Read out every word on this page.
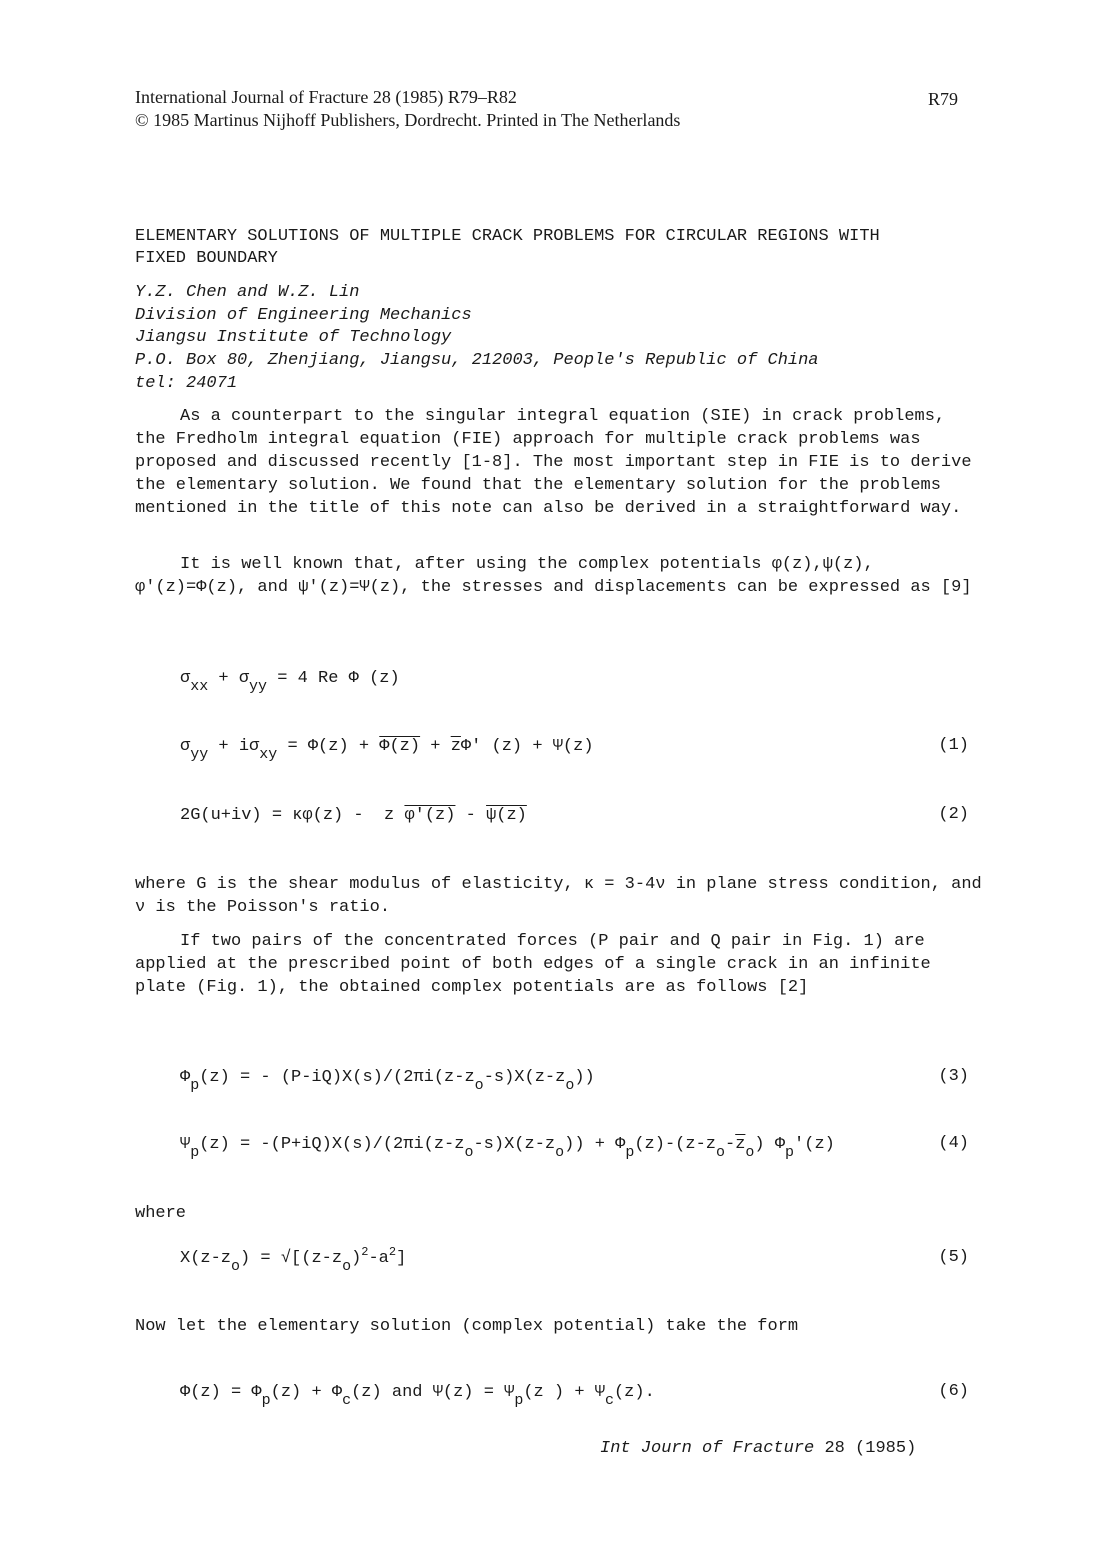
International Journal of Fracture 28 (1985) R79–R82
© 1985 Martinus Nijhoff Publishers, Dordrecht. Printed in The Netherlands
R79
ELEMENTARY SOLUTIONS OF MULTIPLE CRACK PROBLEMS FOR CIRCULAR REGIONS WITH
FIXED BOUNDARY
Y.Z. Chen and W.Z. Lin
Division of Engineering Mechanics
Jiangsu Institute of Technology
P.O. Box 80, Zhenjiang, Jiangsu, 212003, People's Republic of China
tel: 24071

As a counterpart to the singular integral equation (SIE) in crack problems, the Fredholm integral equation (FIE) approach for multiple crack problems was proposed and discussed recently [1-8]. The most important step in FIE is to derive the elementary solution. We found that the elementary solution for the problems mentioned in the title of this note can also be derived in a straightforward way.

It is well known that, after using the complex potentials φ(z),ψ(z), φ'(z)=Φ(z), and ψ'(z)=Ψ(z), the stresses and displacements can be expressed as [9]

$\sigma_{xx} + \sigma_{yy} = 4$ Re Φ (z)
$\sigma_{yy} + i\sigma_{xy} = \Phi(z) + \Phi(z) + \overline{z}\Phi'$ (z) + Ψ(z)	(1)
2G(u+iv) = κφ(z) -  z φ'(z) - ψ(z)	(2)

where G is the shear modulus of elasticity, κ = 3-4ν in plane stress condition, and ν is the Poisson's ratio.

If two pairs of the concentrated forces (P pair and Q pair in Fig. 1) are applied at the prescribed point of both edges of a single crack in an infinite plate (Fig. 1), the obtained complex potentials are as follows [2]

$\Phi_p(z)$ = - $(P-iQ)X(s)/(2\pi i(z-z_o-s)X(z-z_o))$	(3)
$\Psi_p(z) = -(P+iQ)X(s)/(2\pi i(z-z_o-s)X(z-z_o)) + \Phi_p(z)-(z-z_o-\overline{z}_o)$ $\Phi_p'(z)$	(4)
where
$X(z-z_o) = √[(z-z_o)^2-a^2]$	(5)
Now let the elementary solution (complex potential) take the form
$\Phi(z) = \Phi_p(z) + \Phi_c(z)$ and $\Psi(z) = \Psi_p(z$ ) + $\Psi_c(z)$.	(6)
Int Journ of Fracture 28 (1985)
